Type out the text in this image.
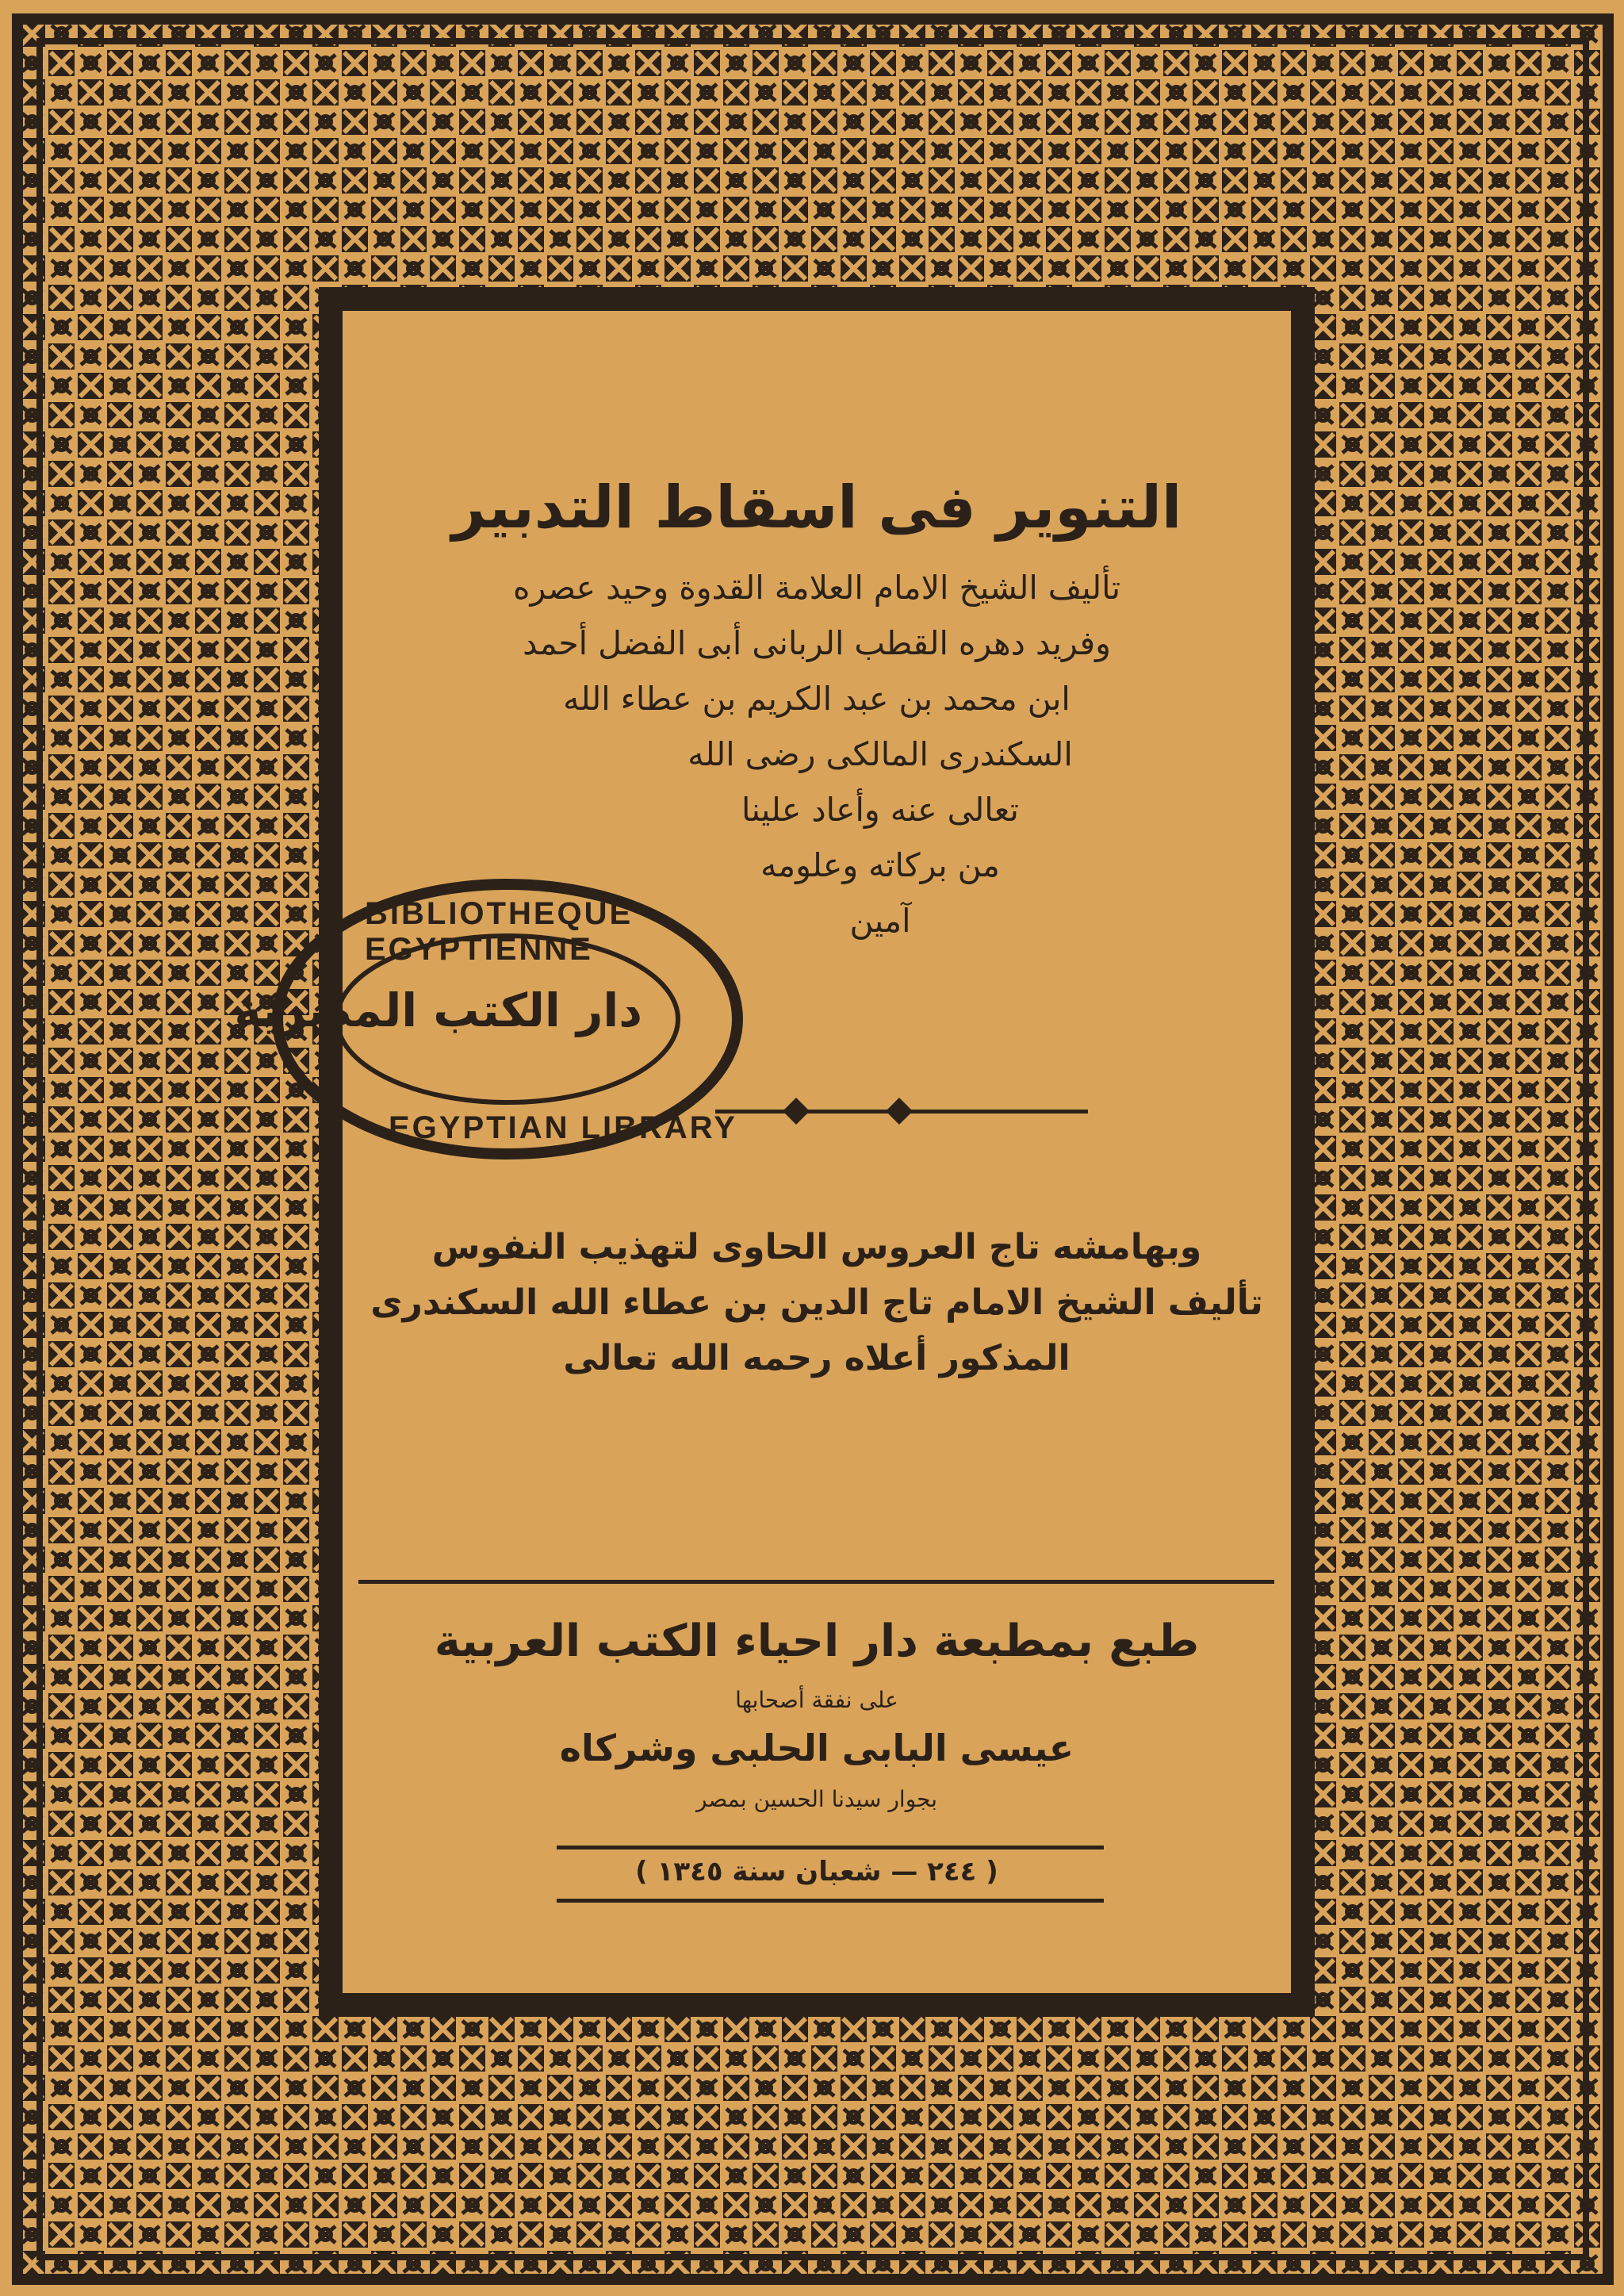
التنوير فى اسقاط التدبير
تأليف الشيخ الامام العلامة القدوة وحيد عصره
وفريد دهره القطب الربانى أبى الفضل أحمد
ابن محمد بن عبد الكريم بن عطاء الله
السكندرى المالكى رضى الله
تعالى عنه وأعاد علينا
من بركاته وعلومه
آمين
وبهامشه تاج العروس الحاوى لتهذيب النفوس
تأليف الشيخ الامام تاج الدين بن عطاء الله السكندرى
المذكور أعلاه رحمه الله تعالى
طبع بمطبعة دار احياء الكتب العربية
على نفقة أصحابها
عيسى البابى الحلبى وشركاه
بجوار سيدنا الحسين بمصر
( ٢٤٤ — شعبان سنة ١٣٤٥ )
BIBLIOTHEQUE EGYPTIENNE
EGYPTIAN LIBRARY
دار الكتب المصرية
